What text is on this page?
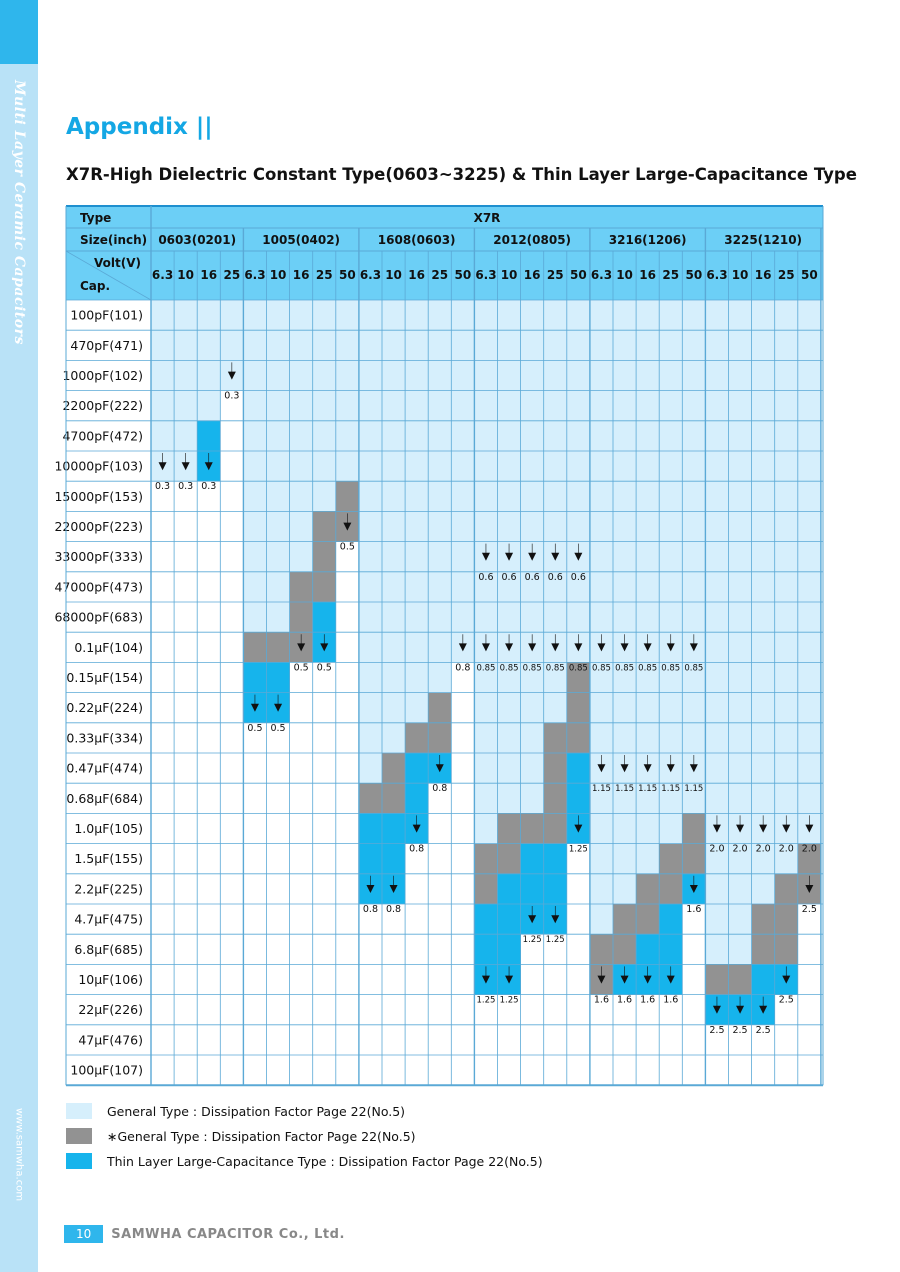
Multi Layer Ceramic Capacitors
www.samwha.com
Appendix ||
X7R-High Dielectric Constant Type(0603~3225) & Thin Layer Large-Capacitance Type
Type	X7R
Size(inch)
Volt(V)
Cap.
0603(0201)
6.3 10 16 25
1005(0402)
6.3 10 16 25 50
1608(0603)
6.3 10 16 25 50
2012(0805)
6.3 10 16 25 50
3216(1206)
6.3 10 16 25 50
3225(1210)
6.3 10 16 25 50
100pF(101)
470pF(471)
1000pF(102)
2200pF(222)
4700pF(472)
10000pF(103)
15000pF(153)
22000pF(223)
33000pF(333)
47000pF(473)
68000pF(683)
0.1μF(104)
0.15μF(154)
0.22μF(224)
0.33μF(334)
0.47μF(474)
0.68μF(684)
1.0μF(105)
1.5μF(155)
2.2μF(225)
4.7μF(475)
6.8μF(685)
10μF(106)
22μF(226)
47μF(476)
100μF(107)
0.3 0.3 0.3
0.3
0.5 0.5
0.5 0.5
0.5
0.8 0.8
0.8
0.8
0.8
0.6
0.85
1.25
0.6
0.85
1.25
0.6
0.85
1.25
0.6
0.85
1.25
0.6
0.85
1.25
0.85
1.15
1.6
0.85
1.15
1.6
0.85
1.15
1.6
0.85
1.15
1.6
0.85
1.15
1.6
2.0
2.5
2.0
2.5
2.0
2.5
2.0
2.5
2.0
2.5
General Type : Dissipation Factor Page 22(No.5)
∗General Type : Dissipation Factor Page 22(No.5)
Thin Layer Large-Capacitance Type : Dissipation Factor Page 22(No.5)
10	SAMWHA CAPACITOR Co., Ltd.
